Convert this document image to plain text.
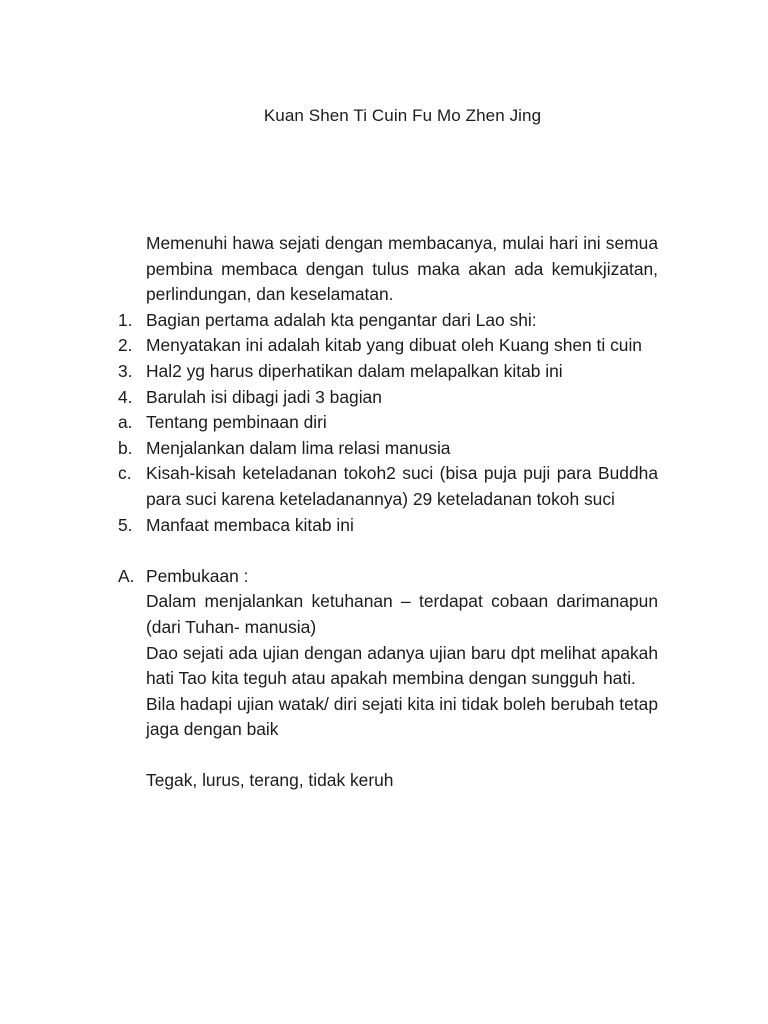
Kuan Shen Ti Cuin Fu Mo Zhen Jing
Memenuhi hawa sejati dengan membacanya, mulai hari ini semua pembina membaca dengan tulus maka akan ada kemukjizatan, perlindungan, dan keselamatan.
1. Bagian pertama adalah kta pengantar dari Lao shi:
2. Menyatakan ini adalah kitab yang dibuat oleh Kuang shen ti cuin
3. Hal2 yg harus diperhatikan dalam melapalkan kitab ini
4. Barulah isi dibagi jadi 3 bagian
a. Tentang pembinaan diri
b. Menjalankan dalam lima relasi manusia
c. Kisah-kisah keteladanan tokoh2 suci (bisa puja puji para Buddha para suci karena keteladanannya) 29 keteladanan tokoh suci
5. Manfaat membaca kitab ini
A. Pembukaan :
Dalam menjalankan ketuhanan – terdapat cobaan darimanapun (dari Tuhan- manusia)
Dao sejati ada ujian dengan adanya ujian baru dpt melihat apakah hati Tao kita teguh atau apakah membina dengan sungguh hati.
Bila hadapi ujian watak/ diri sejati kita ini tidak boleh berubah tetap jaga dengan baik
Tegak, lurus, terang, tidak keruh
